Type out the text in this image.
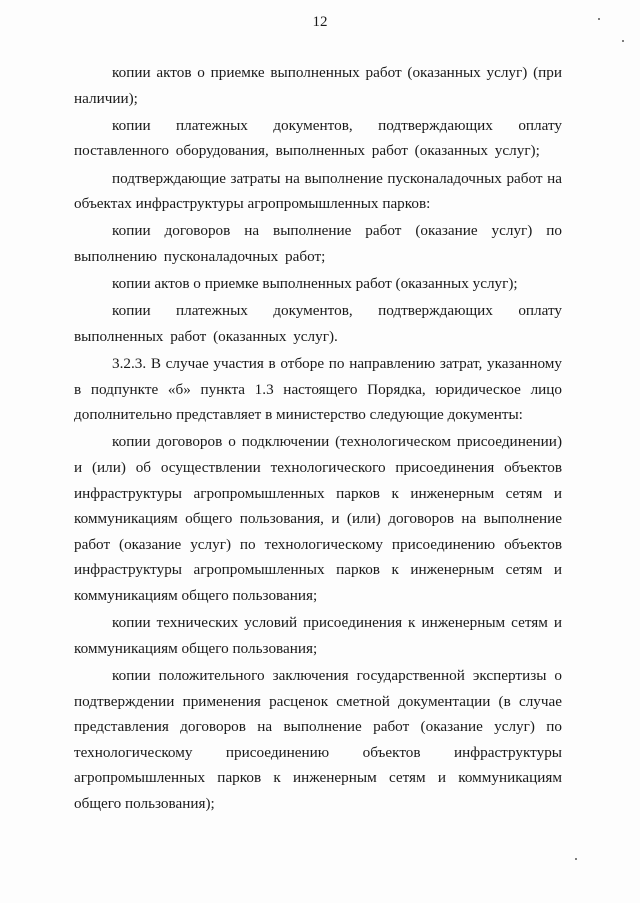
12

копии актов о приемке выполненных работ (оказанных услуг) (при наличии);

копии платежных документов, подтверждающих оплату поставленного оборудования, выполненных работ (оказанных услуг);

подтверждающие затраты на выполнение пусконаладочных работ на объектах инфраструктуры агропромышленных парков:

копии договоров на выполнение работ (оказание услуг) по выполнению пусконаладочных работ;

копии актов о приемке выполненных работ (оказанных услуг);

копии платежных документов, подтверждающих оплату выполненных работ (оказанных услуг).

3.2.3. В случае участия в отборе по направлению затрат, указанному в подпункте «б» пункта 1.3 настоящего Порядка, юридическое лицо дополнительно представляет в министерство следующие документы:

копии договоров о подключении (технологическом присоединении) и (или) об осуществлении технологического присоединения объектов инфраструктуры агропромышленных парков к инженерным сетям и коммуникациям общего пользования, и (или) договоров на выполнение работ (оказание услуг) по технологическому присоединению объектов инфраструктуры агропромышленных парков к инженерным сетям и коммуникациям общего пользования;

копии технических условий присоединения к инженерным сетям и коммуникациям общего пользования;

копии положительного заключения государственной экспертизы о подтверждении применения расценок сметной документации (в случае представления договоров на выполнение работ (оказание услуг) по технологическому присоединению объектов инфраструктуры агропромышленных парков к инженерным сетям и коммуникациям общего пользования);
